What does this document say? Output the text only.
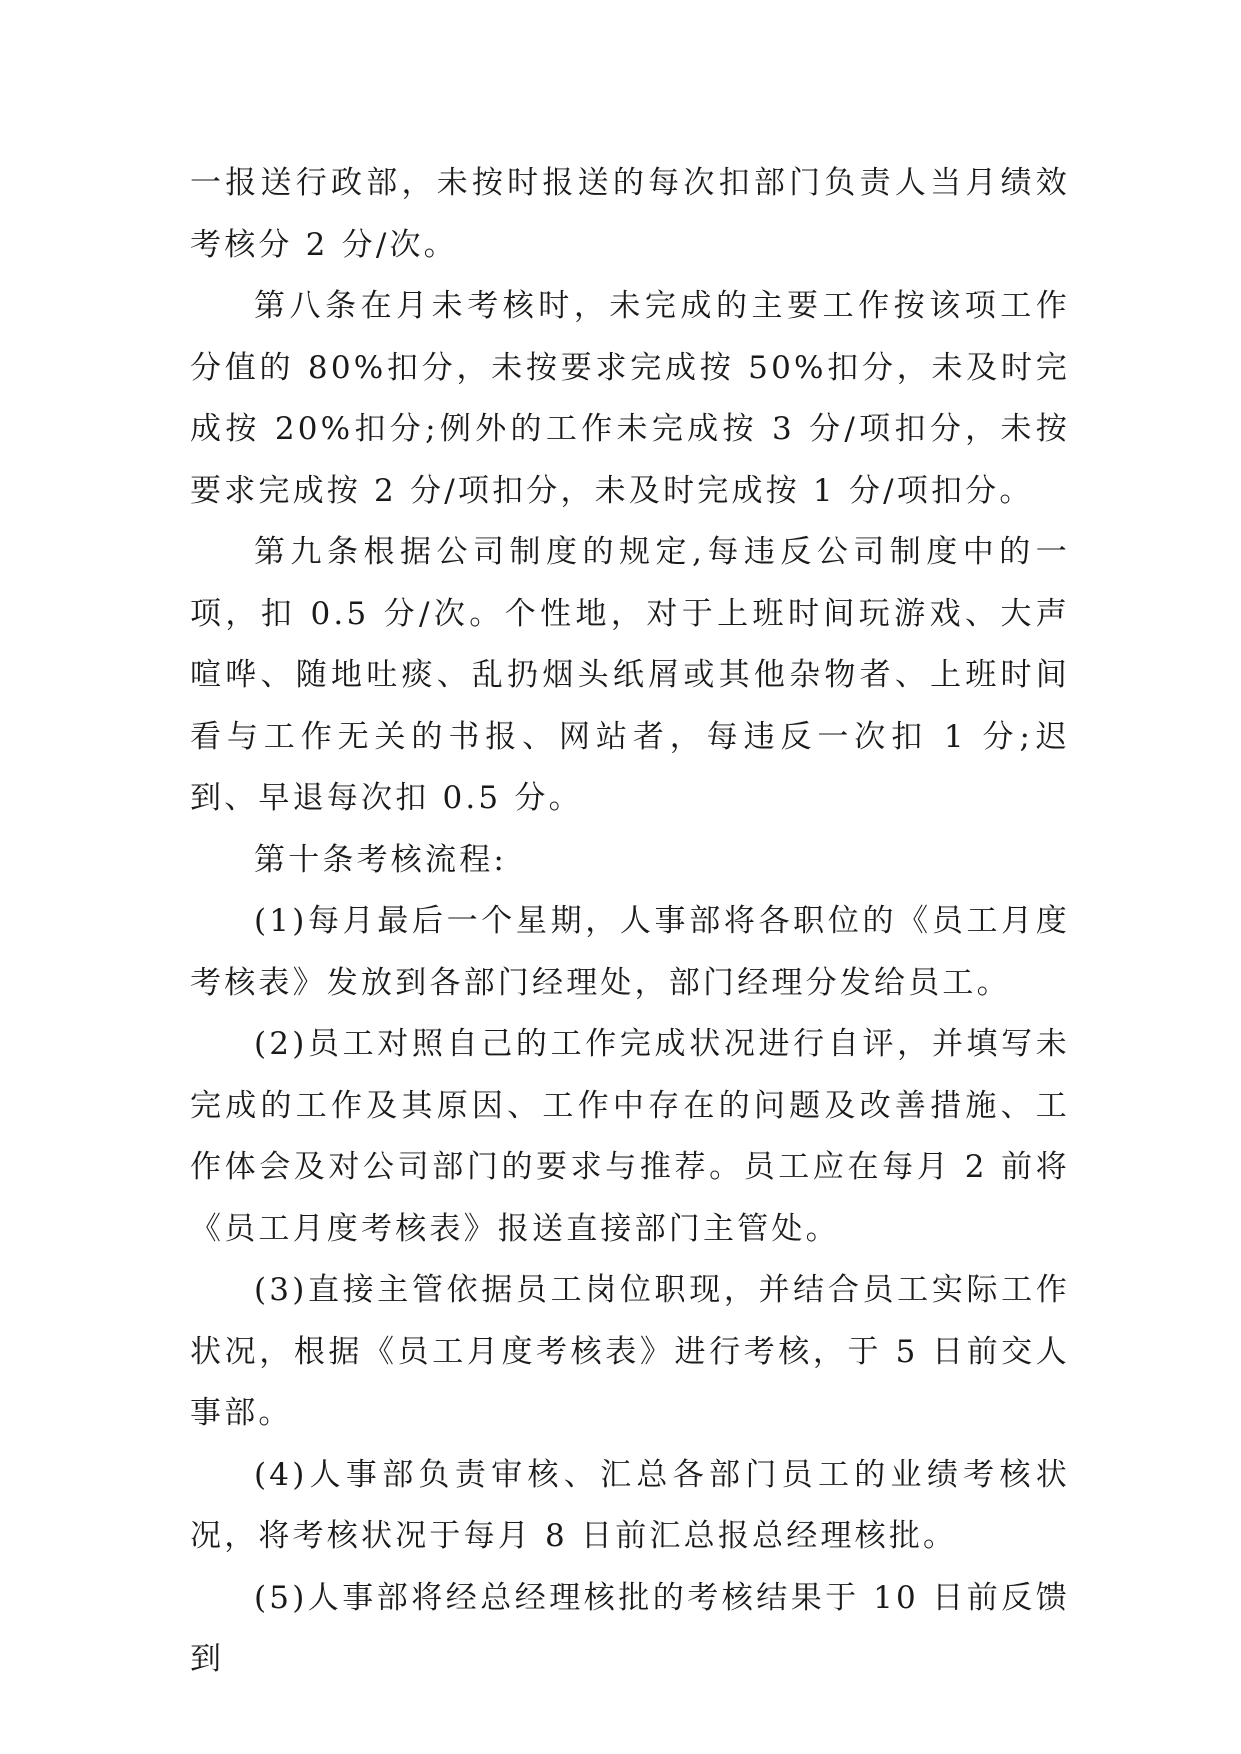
一报送行政部，未按时报送的每次扣部门负责人当月绩效考核分 2 分/次。

第八条在月未考核时，未完成的主要工作按该项工作分值的 80%扣分，未按要求完成按 50%扣分，未及时完成按 20%扣分;例外的工作未完成按 3 分/项扣分，未按要求完成按 2 分/项扣分，未及时完成按 1 分/项扣分。

第九条根据公司制度的规定,每违反公司制度中的一项，扣 0.5 分/次。个性地，对于上班时间玩游戏、大声喧哗、随地吐痰、乱扔烟头纸屑或其他杂物者、上班时间看与工作无关的书报、网站者，每违反一次扣 1 分;迟到、早退每次扣 0.5 分。

第十条考核流程:

(1)每月最后一个星期，人事部将各职位的《员工月度考核表》发放到各部门经理处，部门经理分发给员工。

(2)员工对照自己的工作完成状况进行自评，并填写未完成的工作及其原因、工作中存在的问题及改善措施、工作体会及对公司部门的要求与推荐。员工应在每月 2 前将《员工月度考核表》报送直接部门主管处。

(3)直接主管依据员工岗位职现，并结合员工实际工作状况，根据《员工月度考核表》进行考核，于 5 日前交人事部。

(4)人事部负责审核、汇总各部门员工的业绩考核状况，将考核状况于每月 8 日前汇总报总经理核批。

(5)人事部将经总经理核批的考核结果于 10 日前反馈到
